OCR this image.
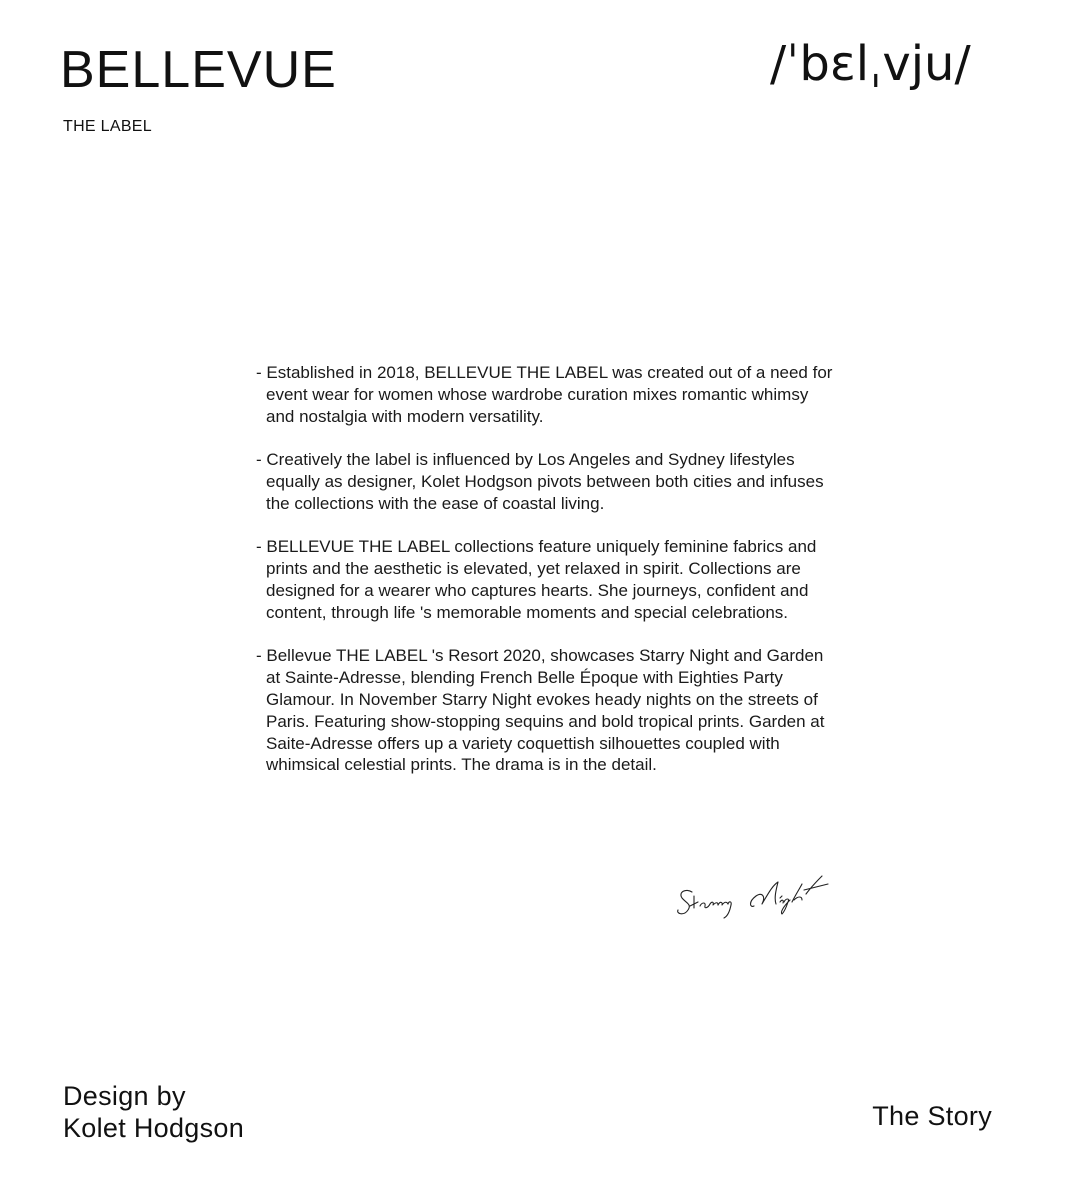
BELLEVUE
THE LABEL
/ˈbɛlˌvju/

- Established in 2018, BELLEVUE THE LABEL was created out of a need for event wear for women whose wardrobe curation mixes romantic whimsy and nostalgia with modern versatility.

- Creatively the label is influenced by Los Angeles and Sydney lifestyles equally as designer, Kolet Hodgson pivots between both cities and infuses the collections with the ease of coastal living.

- BELLEVUE THE LABEL collections feature uniquely feminine fabrics and prints and the aesthetic is elevated, yet relaxed in spirit. Collections are designed for a wearer who captures hearts. She journeys, confident and content, through life 's memorable moments and special celebrations.

- Bellevue THE LABEL 's Resort 2020, showcases Starry Night and Garden at Sainte-Adresse, blending French Belle Époque with Eighties Party Glamour. In November Starry Night evokes heady nights on the streets of Paris. Featuring show-stopping sequins and bold tropical prints. Garden at Saite-Adresse offers up a variety coquettish silhouettes coupled with whimsical celestial prints. The drama is in the detail.

Design by
Kolet Hodgson	The Story
